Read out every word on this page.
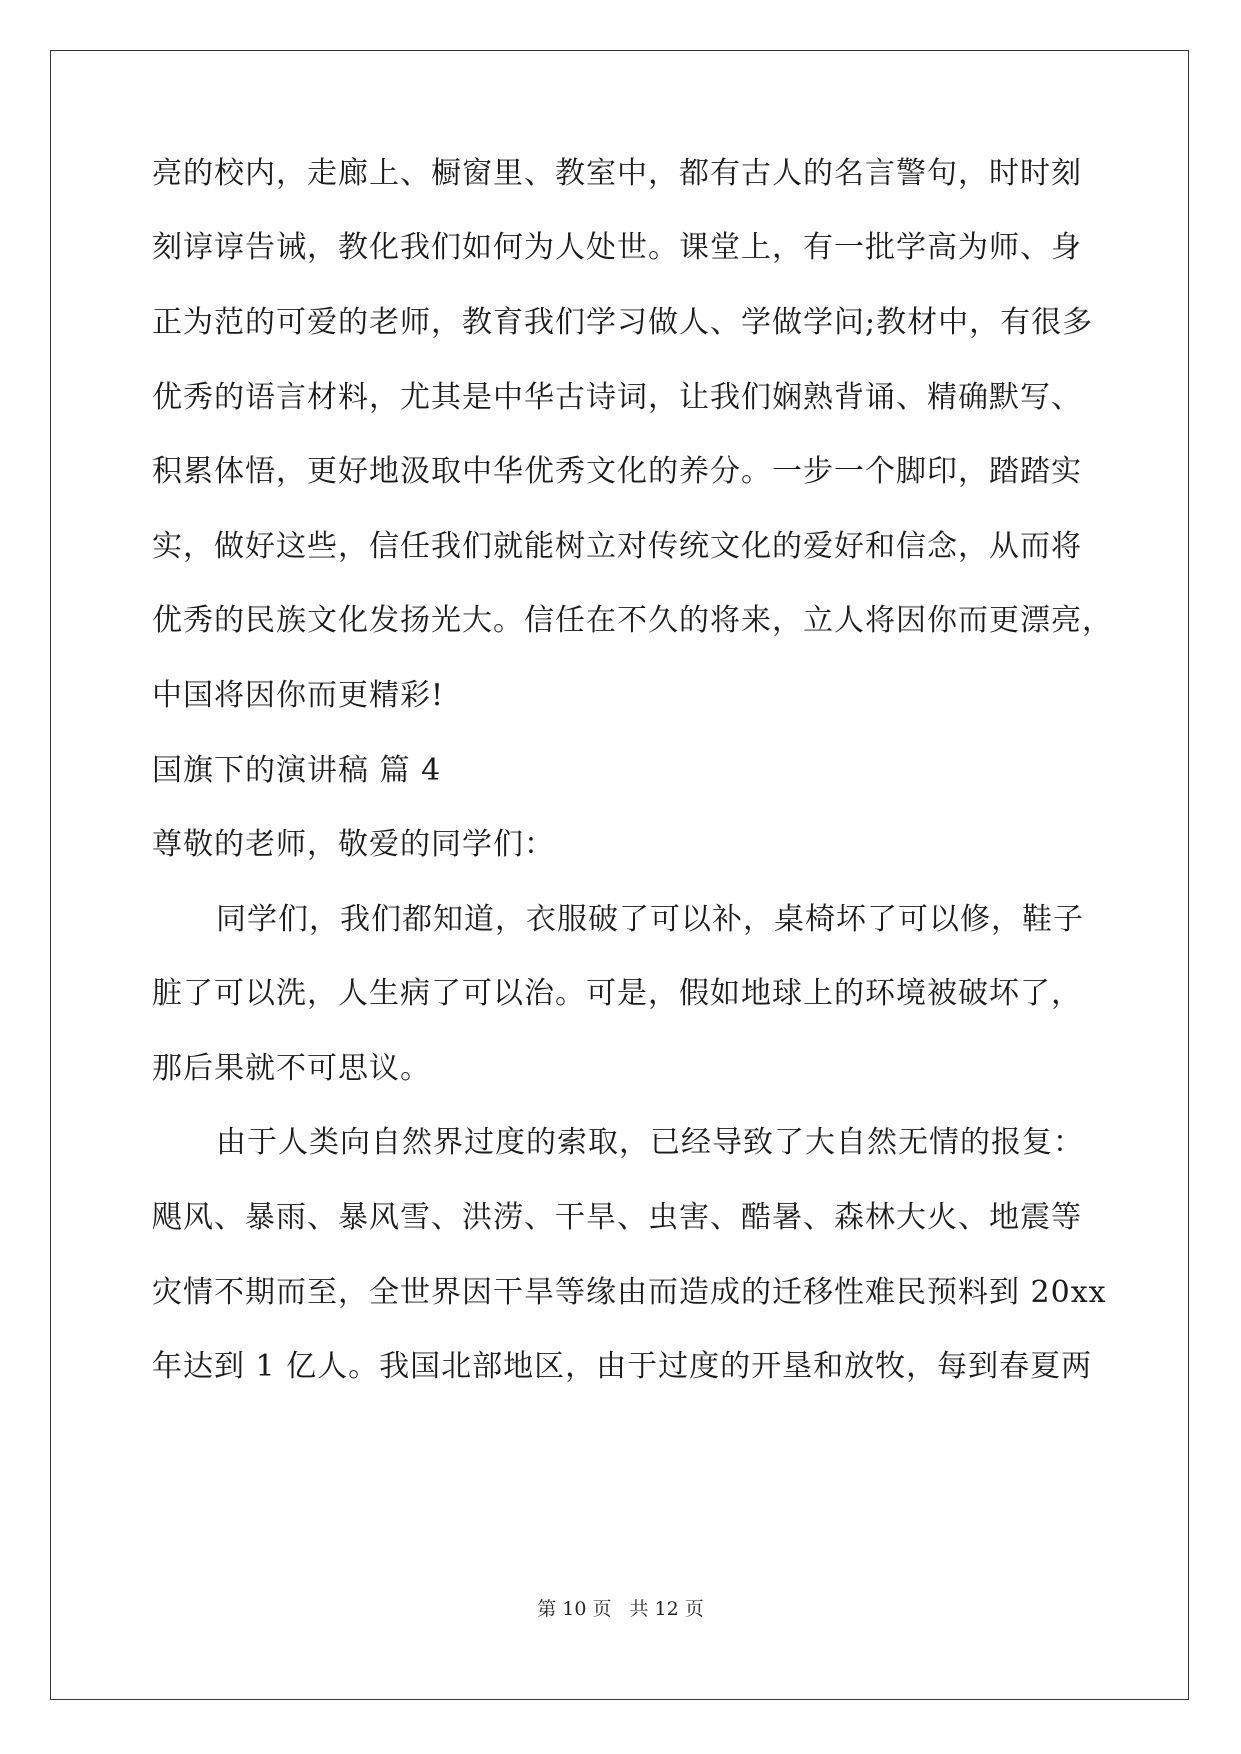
亮的校内，走廊上、橱窗里、教室中，都有古人的名言警句，时时刻
刻谆谆告诫，教化我们如何为人处世。课堂上，有一批学高为师、身
正为范的可爱的老师，教育我们学习做人、学做学问;教材中，有很多
优秀的语言材料，尤其是中华古诗词，让我们娴熟背诵、精确默写、
积累体悟，更好地汲取中华优秀文化的养分。一步一个脚印，踏踏实
实，做好这些，信任我们就能树立对传统文化的爱好和信念，从而将
优秀的民族文化发扬光大。信任在不久的将来，立人将因你而更漂亮，
中国将因你而更精彩!
国旗下的演讲稿 篇 4
尊敬的老师，敬爱的同学们：
同学们，我们都知道，衣服破了可以补，桌椅坏了可以修，鞋子
脏了可以洗，人生病了可以治。可是，假如地球上的环境被破坏了，
那后果就不可思议。
由于人类向自然界过度的索取，已经导致了大自然无情的报复：
飓风、暴雨、暴风雪、洪涝、干旱、虫害、酷暑、森林大火、地震等
灾情不期而至，全世界因干旱等缘由而造成的迁移性难民预料到 20xx
年达到 1 亿人。我国北部地区，由于过度的开垦和放牧，每到春夏两
第 10 页 共 12 页
